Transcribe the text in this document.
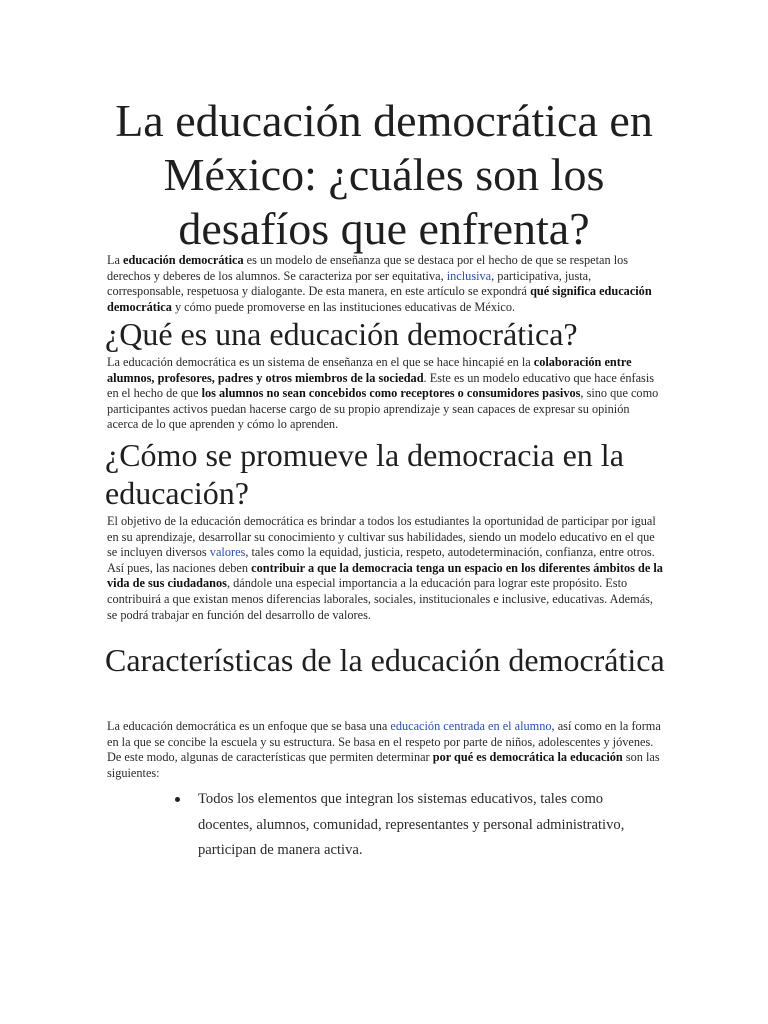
La educación democrática en México: ¿cuáles son los desafíos que enfrenta?

La educación democrática es un modelo de enseñanza que se destaca por el hecho de que se respetan los derechos y deberes de los alumnos. Se caracteriza por ser equitativa, inclusiva, participativa, justa, corresponsable, respetuosa y dialogante. De esta manera, en este artículo se expondrá qué significa educación democrática y cómo puede promoverse en las instituciones educativas de México.

¿Qué es una educación democrática?

La educación democrática es un sistema de enseñanza en el que se hace hincapié en la colaboración entre alumnos, profesores, padres y otros miembros de la sociedad. Este es un modelo educativo que hace énfasis en el hecho de que los alumnos no sean concebidos como receptores o consumidores pasivos, sino que como participantes activos puedan hacerse cargo de su propio aprendizaje y sean capaces de expresar su opinión acerca de lo que aprenden y cómo lo aprenden.

¿Cómo se promueve la democracia en la educación?

El objetivo de la educación democrática es brindar a todos los estudiantes la oportunidad de participar por igual en su aprendizaje, desarrollar su conocimiento y cultivar sus habilidades, siendo un modelo educativo en el que se incluyen diversos valores, tales como la equidad, justicia, respeto, autodeterminación, confianza, entre otros. Así pues, las naciones deben contribuir a que la democracia tenga un espacio en los diferentes ámbitos de la vida de sus ciudadanos, dándole una especial importancia a la educación para lograr este propósito. Esto contribuirá a que existan menos diferencias laborales, sociales, institucionales e inclusive, educativas. Además, se podrá trabajar en función del desarrollo de valores.

Características de la educación democrática

La educación democrática es un enfoque que se basa una educación centrada en el alumno, así como en la forma en la que se concibe la escuela y su estructura. Se basa en el respeto por parte de niños, adolescentes y jóvenes. De este modo, algunas de características que permiten determinar por qué es democrática la educación son las siguientes:

Todos los elementos que integran los sistemas educativos, tales como docentes, alumnos, comunidad, representantes y personal administrativo, participan de manera activa.
